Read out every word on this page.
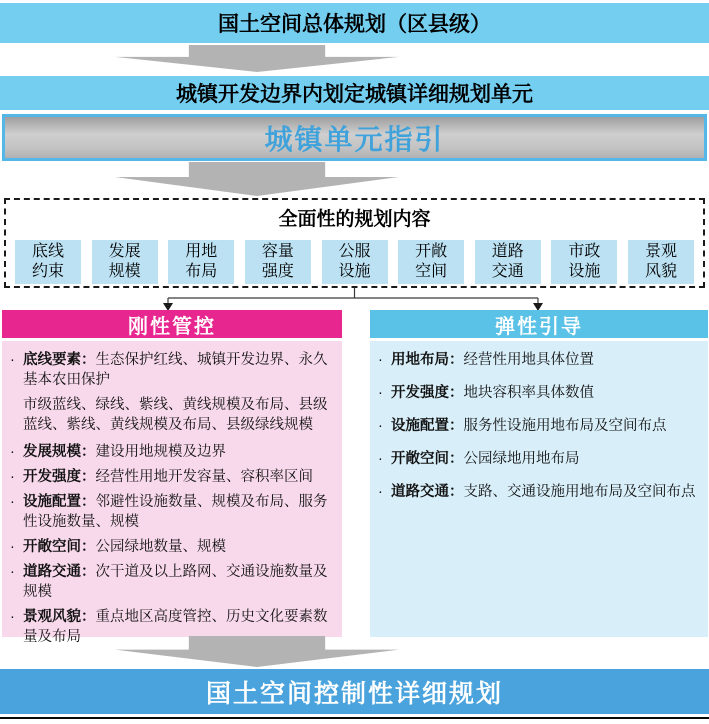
国土空间总体规划（区县级）
城镇开发边界内划定城镇详细规划单元
城镇单元指引
全面性的规划内容
底线
约束
发展
规模
用地
布局
容量
强度
公服
设施
开敞
空间
道路
交通
市政
设施
景观
风貌
刚性管控	弹性引导
· 底线要素：生态保护红线、城镇开发边界、永久基本农田保护
市级蓝线、绿线、紫线、黄线规模及布局、县级蓝线、紫线、黄线规模及布局、县级绿线规模
· 发展规模：建设用地规模及边界
· 开发强度：经营性用地开发容量、容积率区间
· 设施配置：邻避性设施数量、规模及布局、服务性设施数量、规模
· 开敞空间：公园绿地数量、规模
· 道路交通：次干道及以上路网、交通设施数量及规模
· 景观风貌：重点地区高度管控、历史文化要素数量及布局
· 用地布局：经营性用地具体位置
· 开发强度：地块容积率具体数值
· 设施配置：服务性设施用地布局及空间布点
· 开敞空间：公园绿地用地布局
· 道路交通：支路、交通设施用地布局及空间布点
国土空间控制性详细规划
